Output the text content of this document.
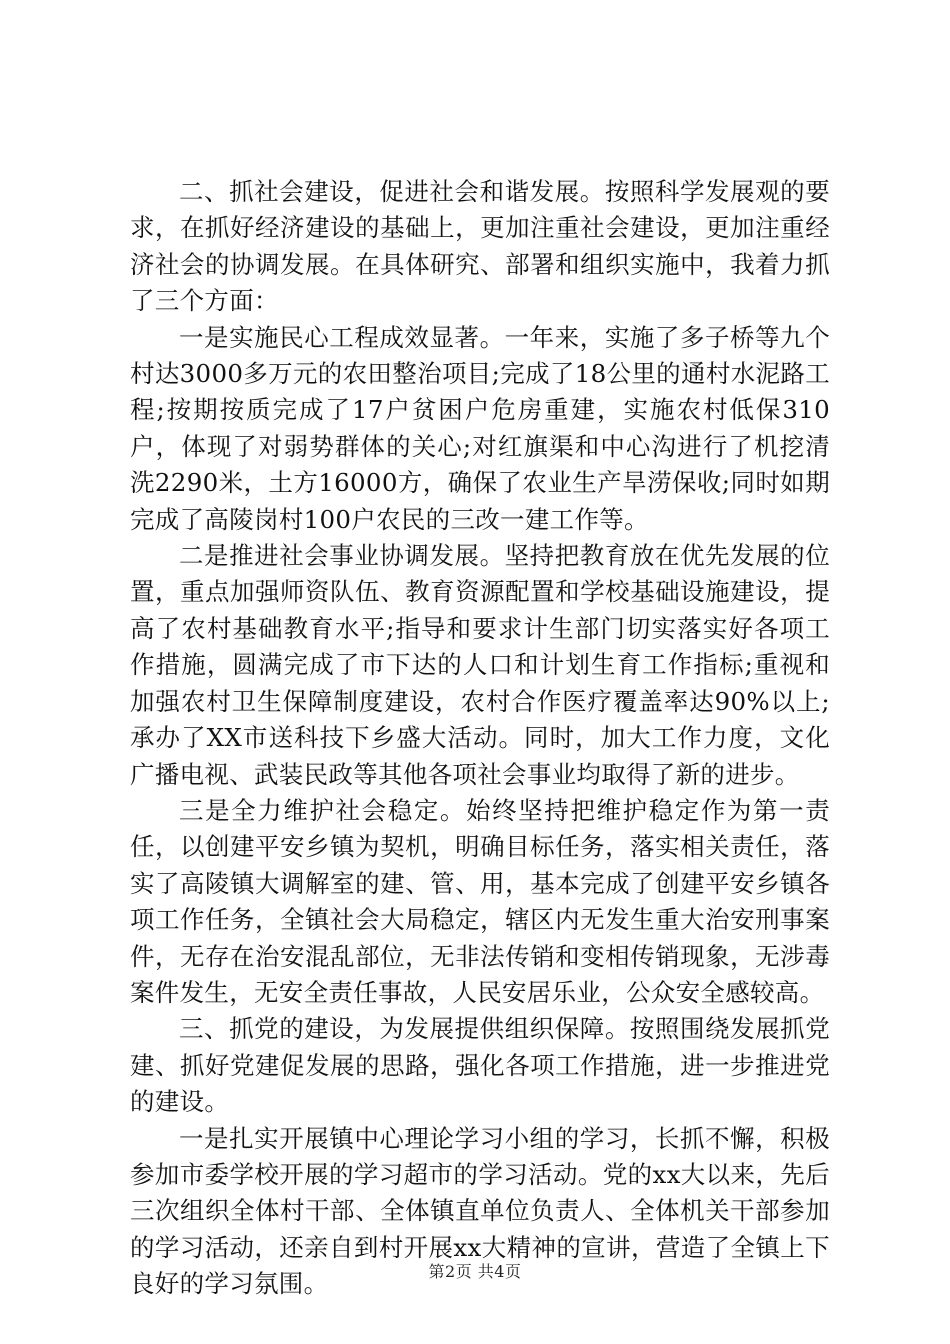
二、抓社会建设，促进社会和谐发展。按照科学发展观的要求，在抓好经济建设的基础上，更加注重社会建设，更加注重经济社会的协调发展。在具体研究、部署和组织实施中，我着力抓了三个方面：

一是实施民心工程成效显著。一年来，实施了多子桥等九个村达3000多万元的农田整治项目;完成了18公里的通村水泥路工程;按期按质完成了17户贫困户危房重建，实施农村低保310户，体现了对弱势群体的关心;对红旗渠和中心沟进行了机挖清洗2290米，土方16000方，确保了农业生产旱涝保收;同时如期完成了高陵岗村100户农民的三改一建工作等。

二是推进社会事业协调发展。坚持把教育放在优先发展的位置，重点加强师资队伍、教育资源配置和学校基础设施建设，提高了农村基础教育水平;指导和要求计生部门切实落实好各项工作措施，圆满完成了市下达的人口和计划生育工作指标;重视和加强农村卫生保障制度建设，农村合作医疗覆盖率达90%以上;承办了XX市送科技下乡盛大活动。同时，加大工作力度，文化广播电视、武装民政等其他各项社会事业均取得了新的进步。

三是全力维护社会稳定。始终坚持把维护稳定作为第一责任，以创建平安乡镇为契机，明确目标任务，落实相关责任，落实了高陵镇大调解室的建、管、用，基本完成了创建平安乡镇各项工作任务，全镇社会大局稳定，辖区内无发生重大治安刑事案件，无存在治安混乱部位，无非法传销和变相传销现象，无涉毒案件发生，无安全责任事故，人民安居乐业，公众安全感较高。

三、抓党的建设，为发展提供组织保障。按照围绕发展抓党建、抓好党建促发展的思路，强化各项工作措施，进一步推进党的建设。

一是扎实开展镇中心理论学习小组的学习，长抓不懈，积极参加市委学校开展的学习超市的学习活动。党的xx大以来，先后三次组织全体村干部、全体镇直单位负责人、全体机关干部参加的学习活动，还亲自到村开展xx大精神的宣讲，营造了全镇上下良好的学习氛围。	第2页 共4页
